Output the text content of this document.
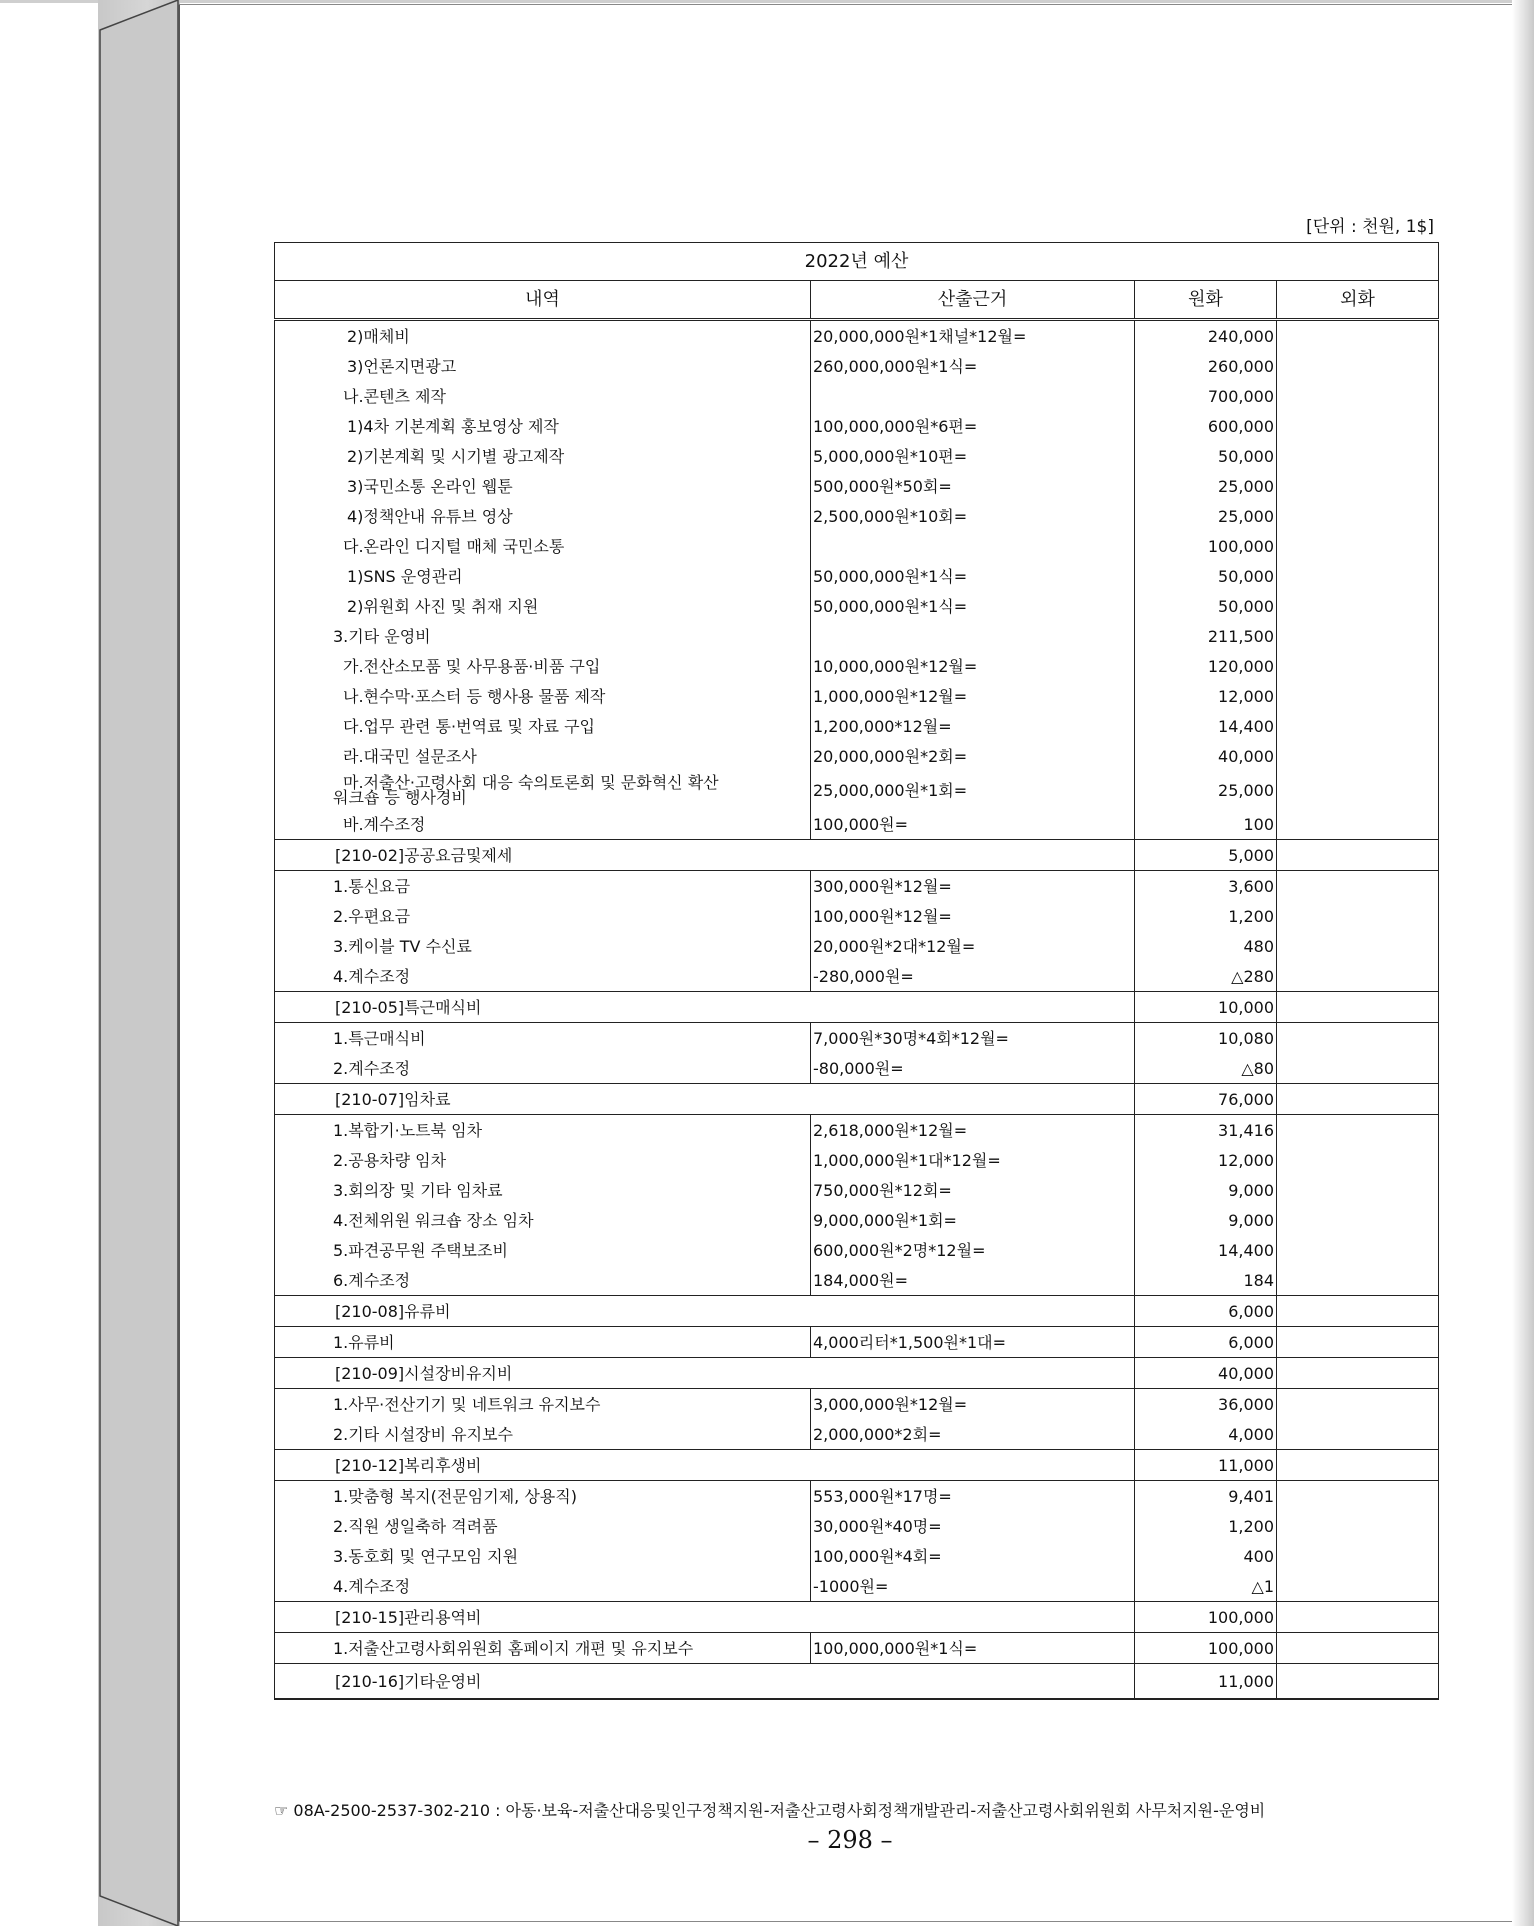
[단위 : 천원, 1$]
2022년 예산			
내역	산출근거	원화	외화
2)매체비	20,000,000원*1채널*12월=	240,000	
3)언론지면광고	260,000,000원*1식=	260,000	
나.콘텐츠 제작		700,000	
1)4차 기본계획 홍보영상 제작	100,000,000원*6편=	600,000	
2)기본계획 및 시기별 광고제작	5,000,000원*10편=	50,000	
3)국민소통 온라인 웹툰	500,000원*50회=	25,000	
4)정책안내 유튜브 영상	2,500,000원*10회=	25,000	
다.온라인 디지털 매체 국민소통		100,000	
1)SNS 운영관리	50,000,000원*1식=	50,000	
2)위원회 사진 및 취재 지원	50,000,000원*1식=	50,000	
3.기타 운영비		211,500	
가.전산소모품 및 사무용품·비품 구입	10,000,000원*12월=	120,000	
나.현수막·포스터 등 행사용 물품 제작	1,000,000원*12월=	12,000	
다.업무 관련 통·번역료 및 자료 구입	1,200,000*12월=	14,400	
라.대국민 설문조사	20,000,000원*2회=	40,000	
마.저출산·고령사회 대응 숙의토론회 및 문화혁신 확산
워크숍 등 행사경비	25,000,000원*1회=	25,000	
바.계수조정	100,000원=	100	
[210-02]공공요금및제세		5,000	
1.통신요금	300,000원*12월=	3,600	
2.우편요금	100,000원*12월=	1,200	
3.케이블 TV 수신료	20,000원*2대*12월=	480	
4.계수조정	-280,000원=	△280	
[210-05]특근매식비		10,000	
1.특근매식비	7,000원*30명*4회*12월=	10,080	
2.계수조정	-80,000원=	△80	
[210-07]임차료		76,000	
1.복합기·노트북 임차	2,618,000원*12월=	31,416	
2.공용차량 임차	1,000,000원*1대*12월=	12,000	
3.회의장 및 기타 임차료	750,000원*12회=	9,000	
4.전체위원 워크숍 장소 임차	9,000,000원*1회=	9,000	
5.파견공무원 주택보조비	600,000원*2명*12월=	14,400	
6.계수조정	184,000원=	184	
[210-08]유류비		6,000	
1.유류비	4,000리터*1,500원*1대=	6,000	
[210-09]시설장비유지비		40,000	
1.사무·전산기기 및 네트워크 유지보수	3,000,000원*12월=	36,000	
2.기타 시설장비 유지보수	2,000,000*2회=	4,000	
[210-12]복리후생비		11,000	
1.맞춤형 복지(전문임기제, 상용직)	553,000원*17명=	9,401	
2.직원 생일축하 격려품	30,000원*40명=	1,200	
3.동호회 및 연구모임 지원	100,000원*4회=	400	
4.계수조정	-1000원=	△1	
[210-15]관리용역비		100,000	
1.저출산고령사회위원회 홈페이지 개편 및 유지보수	100,000,000원*1식=	100,000	
[210-16]기타운영비		11,000	
☞ 08A-2500-2537-302-210 : 아동·보육-저출산대응및인구정책지원-저출산고령사회정책개발관리-저출산고령사회위원회 사무처지원-운영비
– 298 –
